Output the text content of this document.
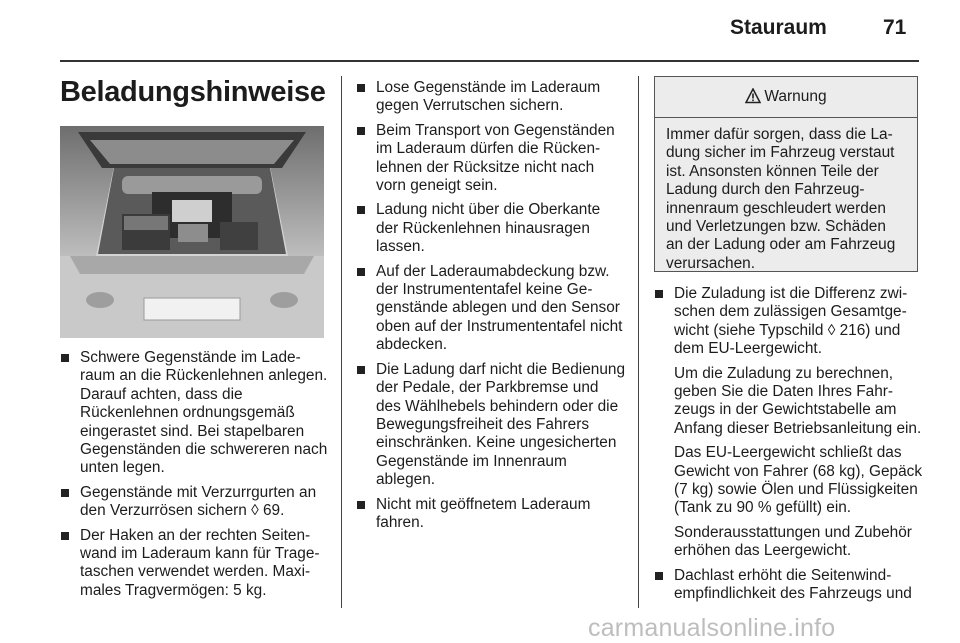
Stauraum	71
Beladungshinweise
Schwere Gegenstände im Laderaum an die Rückenlehnen anlegen. Darauf achten, dass die Rückenlehnen ordnungsgemäß eingerastet sind. Bei stapelbaren Gegenständen die schwereren nach unten legen.
Gegenstände mit Verzurrgurten an den Verzurrösen sichern ◊ 69.
Der Haken an der rechten Seitenwand im Laderaum kann für Tragetaschen verwendet werden. Maximales Tragvermögen: 5 kg.
Lose Gegenstände im Laderaum gegen Verrutschen sichern.
Beim Transport von Gegenständen im Laderaum dürfen die Rückenlehnen der Rücksitze nicht nach vorn geneigt sein.
Ladung nicht über die Oberkante der Rückenlehnen hinausragen lassen.
Auf der Laderaumabdeckung bzw. der Instrumententafel keine Gegenstände ablegen und den Sensor oben auf der Instrumententafel nicht abdecken.
Die Ladung darf nicht die Bedienung der Pedale, der Parkbremse und des Wählhebels behindern oder die Bewegungsfreiheit des Fahrers einschränken. Keine ungesicherten Gegenstände im Innenraum ablegen.
Nicht mit geöffnetem Laderaum fahren.
Warnung
Immer dafür sorgen, dass die Ladung sicher im Fahrzeug verstaut ist. Ansonsten können Teile der Ladung durch den Fahrzeuginnenraum geschleudert werden und Verletzungen bzw. Schäden an der Ladung oder am Fahrzeug verursachen.
Die Zuladung ist die Differenz zwischen dem zulässigen Gesamtgewicht (siehe Typschild ◊ 216) und dem EU-Leergewicht.
Um die Zuladung zu berechnen, geben Sie die Daten Ihres Fahrzeugs in der Gewichtstabelle am Anfang dieser Betriebsanleitung ein.
Das EU-Leergewicht schließt das Gewicht von Fahrer (68 kg), Gepäck (7 kg) sowie Ölen und Flüssigkeiten (Tank zu 90 % gefüllt) ein.
Sonderausstattungen und Zubehör erhöhen das Leergewicht.
Dachlast erhöht die Seitenwindempfindlichkeit des Fahrzeugs und
carmanualsonline.info
